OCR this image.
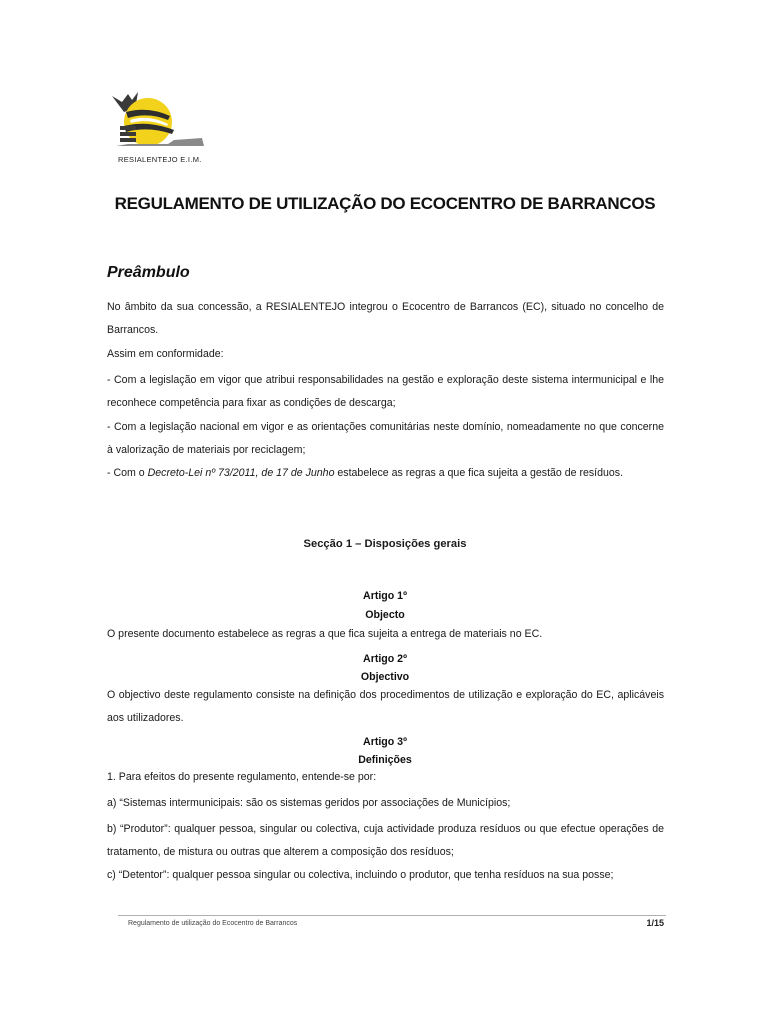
RESIALENTEJO E.I.M.
REGULAMENTO DE UTILIZAÇÃO DO ECOCENTRO DE BARRANCOS
Preâmbulo
No âmbito da sua concessão, a RESIALENTEJO integrou o Ecocentro de Barrancos (EC), situado no concelho de Barrancos.
Assim em conformidade:
- Com a legislação em vigor que atribui responsabilidades na gestão e exploração deste sistema intermunicipal e lhe reconhece competência para fixar as condições de descarga;
- Com a legislação nacional em vigor e as orientações comunitárias neste domínio, nomeadamente no que concerne à valorização de materiais por reciclagem;
- Com o Decreto-Lei nº 73/2011, de 17 de Junho estabelece as regras a que fica sujeita a gestão de resíduos.
Secção 1 – Disposições gerais
Artigo 1º
Objecto
O presente documento estabelece as regras a que fica sujeita a entrega de materiais no EC.
Artigo 2º
Objectivo
O objectivo deste regulamento consiste na definição dos procedimentos de utilização e exploração do EC, aplicáveis aos utilizadores.
Artigo 3º
Definições
1. Para efeitos do presente regulamento, entende-se por:
a) “Sistemas intermunicipais: são os sistemas geridos por associações de Municípios;
b) “Produtor”: qualquer pessoa, singular ou colectiva, cuja actividade produza resíduos ou que efectue operações de tratamento, de mistura ou outras que alterem a composição dos resíduos;
c) “Detentor”: qualquer pessoa singular ou colectiva, incluindo o produtor, que tenha resíduos na sua posse;
Regulamento de utilização do Ecocentro de Barrancos	1/15
